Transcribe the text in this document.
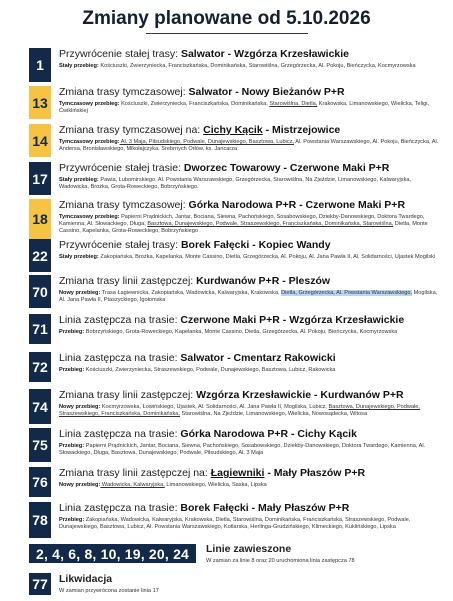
Zmiany planowane od 5.10.2026
1
Przywrócenie stałej trasy: Salwator - Wzgórza Krzesławickie
Stały przebieg: Kościuszki, Zwierzyniecka, Franciszkańska, Dominikańska, Starowiślna, Grzegórzecka, Al. Pokoju, Bieńczycka, Kocmyrzowska
13
Zmiana trasy tymczasowej: Salwator - Nowy Bieżanów P+R
Tymczasowy przebieg: Kościuszki, Zwierzyniecka, Franciszkańska, Dominikańska, Starowiślna, Dietla, Krakowska, Limanowskiego, Wielicka, Teligi, Ćwiklińskiej
14
Zmiana trasy tymczasowej na: Cichy Kącik - Mistrzejowice
Tymczasowy przebieg: Al. 3 Maja, Piłsudskiego, Podwale, Dunajewskiego, Basztowa, Lubicz, Al. Powstania Warszawskiego, Al. Pokoju, Bieńczycka, Al. Andersa, Bronisławskiego, Mikołajczyka, Srebrnych Orłów, ks. Jancarza
17
Przywrócenie stałej trasie: Dworzec Towarowy - Czerwone Maki P+R
Stały przebieg: Pawia, Lubomirskiego, Al. Powstania Warszawskiego, Grzegórzecka, Starowiślna, Na Zjeździe, Limanowskiego, Kalwaryjska, Wadowicka, Brożka, Grota-Roweckiego, Bobrzyńskiego.
18
Zmiana trasy tymczasowej: Górka Narodowa P+R - Czerwone Maki P+R
Tymczasowy przebieg: Papierni Prądnickich, Jantar, Bociana, Siewna, Pachońskiego, Sosabowskiego, Dziekby-Danowskiego, Doktora Twardego, Kamienna, Al. Słowackiego, Długa, Basztowa, Dunajewskiego, Podwale, Straszewskiego, Franciszkańska, Dominikańska, Starowiślna, Dietla, Monte Cassino, Kapelanka, Grota-Roweckiego, Bobrzyńskiego
22
Przywrócenie stałej trasy: Borek Fałęcki - Kopiec Wandy
Stały przebieg: Zakopiańska, Brożka, Kapelanka, Monte Cassino, Dietla, Grzegórzecka, Al. Pokoju, Al. Jana Pawła II, Al. Solidarności, Ujastek Mogilski
70
Zmiana trasy linii zastępczej: Kurdwanów P+R - Pleszów
Nowy przebieg: Trasa Łagiewnicka, Zakopiańska, Wadowicka, Kalwaryjska, Krakowska, Dietla, Grzegórzecka, Al. Powstania Warszawskiego, Mogilska, Al. Jana Pawła II, Ptaszyckiego, Igołomska
71
Linia zastępcza na trasie: Czerwone Maki P+R - Wzgórza Krzesławickie
Przebieg: Bobrzyńskiego, Grota-Roweckiego, Kapelanka, Monte Cassino, Dietla, Grzegórzecka, Al. Pokoju, Bieńczycka, Kocmyrzowska
72
Linia zastępcza na trasie: Salwator - Cmentarz Rakowicki
Przebieg: Kościuszki, Zwierzyniecka, Straszewskiego, Podwale, Dunajewskiego, Basztowa, Lubicz, Rakowicka
74
Zmiana trasy linii zastępczej: Wzgórza Krzesławickie - Kurdwanów P+R
Nowy przebieg: Kocmyrzowska, Łowińskiego, Ujastek, Al. Solidarności, Al. Jana Pawła II, Mogilska, Lubicz, Basztowa, Dunajewskiego, Podwale, Straszewskiego, Franciszkańska, Dominikańska, Starowiślna, Na Zjeździe, Limanowskiego, Wielicka, Nowosądecka, Witosa
75
Linia zastępcza na trasie: Górka Narodowa P+R - Cichy Kącik
Przebieg: Papierni Prądnickich, Jantar, Bociana, Siewna, Pachońskiego, Sosabowskiego, Dziekby-Danowskiego, Doktora Twardego, Kamienna, Al. Słowackiego, Długa, Basztowa, Dunajewskiego, Podwale, Piłsudskiego, Al. 3 Maja
76
Zmiana trasy linii zastępczej na: Łagiewniki - Mały Płaszów P+R
Nowy przebieg: Wadowicka, Kalwaryjska, Limanowskiego, Wielicka, Saska, Lipska
78
Linia zastępcza na trasie: Borek Fałęcki - Mały Płaszów P+R
Przebieg: Zakopiańska, Wadowicka, Kalwaryjska, Krakowska, Dietla, Starowiślna, Dominikańska, Franciszkańska, Straszewskiego, Podwale, Dunajewskiego, Basztowa, Lubicz, Al. Powstania Warszawskiego, Kotlarska, Herlinga-Grudzińskiego, Klimeckiego, Kuklińskiego, Lipska
2, 4, 6, 8, 10, 19, 20, 24	Linie zawieszone
W zamian za linie 8 oraz 20 uruchomiona linia zastępcza 78
77	Likwidacja
W zamian przywrócona zostanie linia 17
